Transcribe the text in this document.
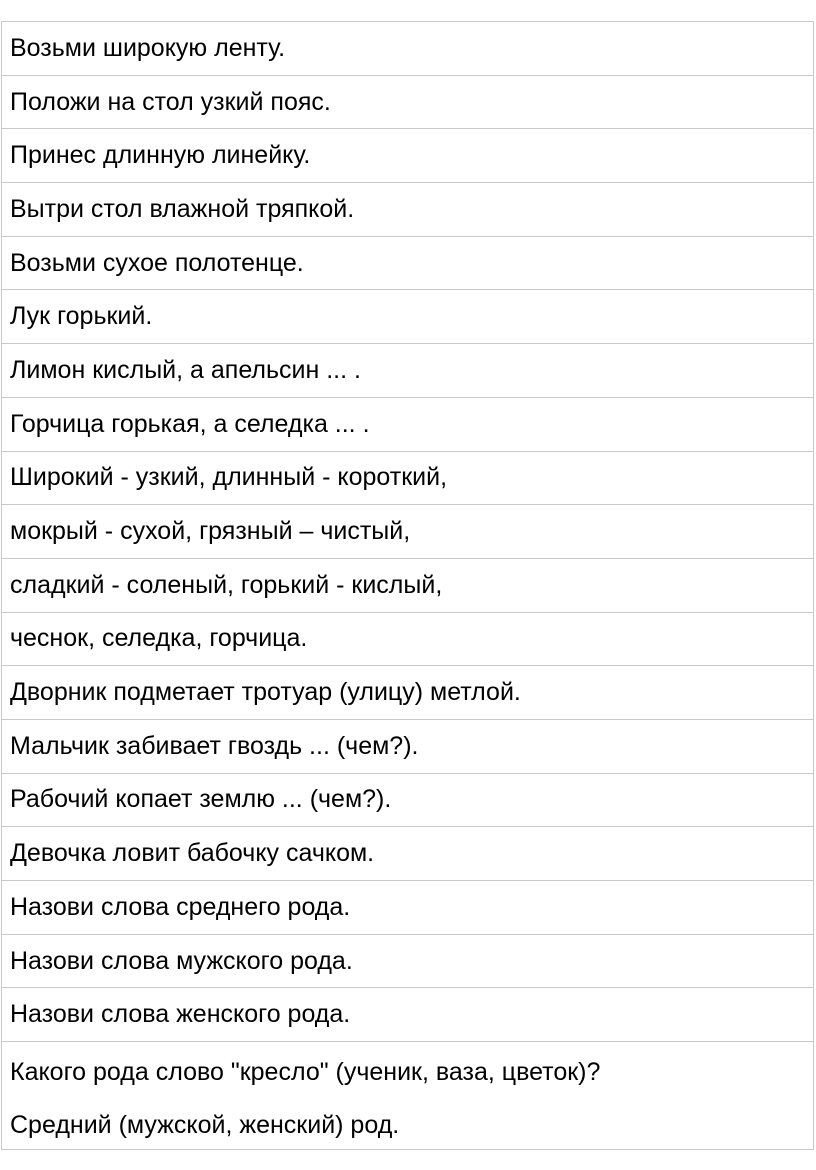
Возьми широкую ленту.
Положи на стол узкий пояс.
Принес длинную линейку.
Вытри стол влажной тряпкой.
Возьми сухое полотенце.
Лук горький.
Лимон кислый, а апельсин ... .
Горчица горькая, а селедка ... .
Широкий - узкий, длинный - короткий,
мокрый - сухой, грязный – чистый,
сладкий - соленый, горький - кислый,
чеснок, селедка, горчица.
Дворник подметает тротуар (улицу) метлой.
Мальчик забивает гвоздь ... (чем?).
Рабочий копает землю ... (чем?).
Девочка ловит бабочку сачком.
Назови слова среднего рода.
Назови слова мужского рода.
Назови слова женского рода.
Какого рода слово "кресло" (ученик, ваза, цветок)?
Средний (мужской, женский) род.
